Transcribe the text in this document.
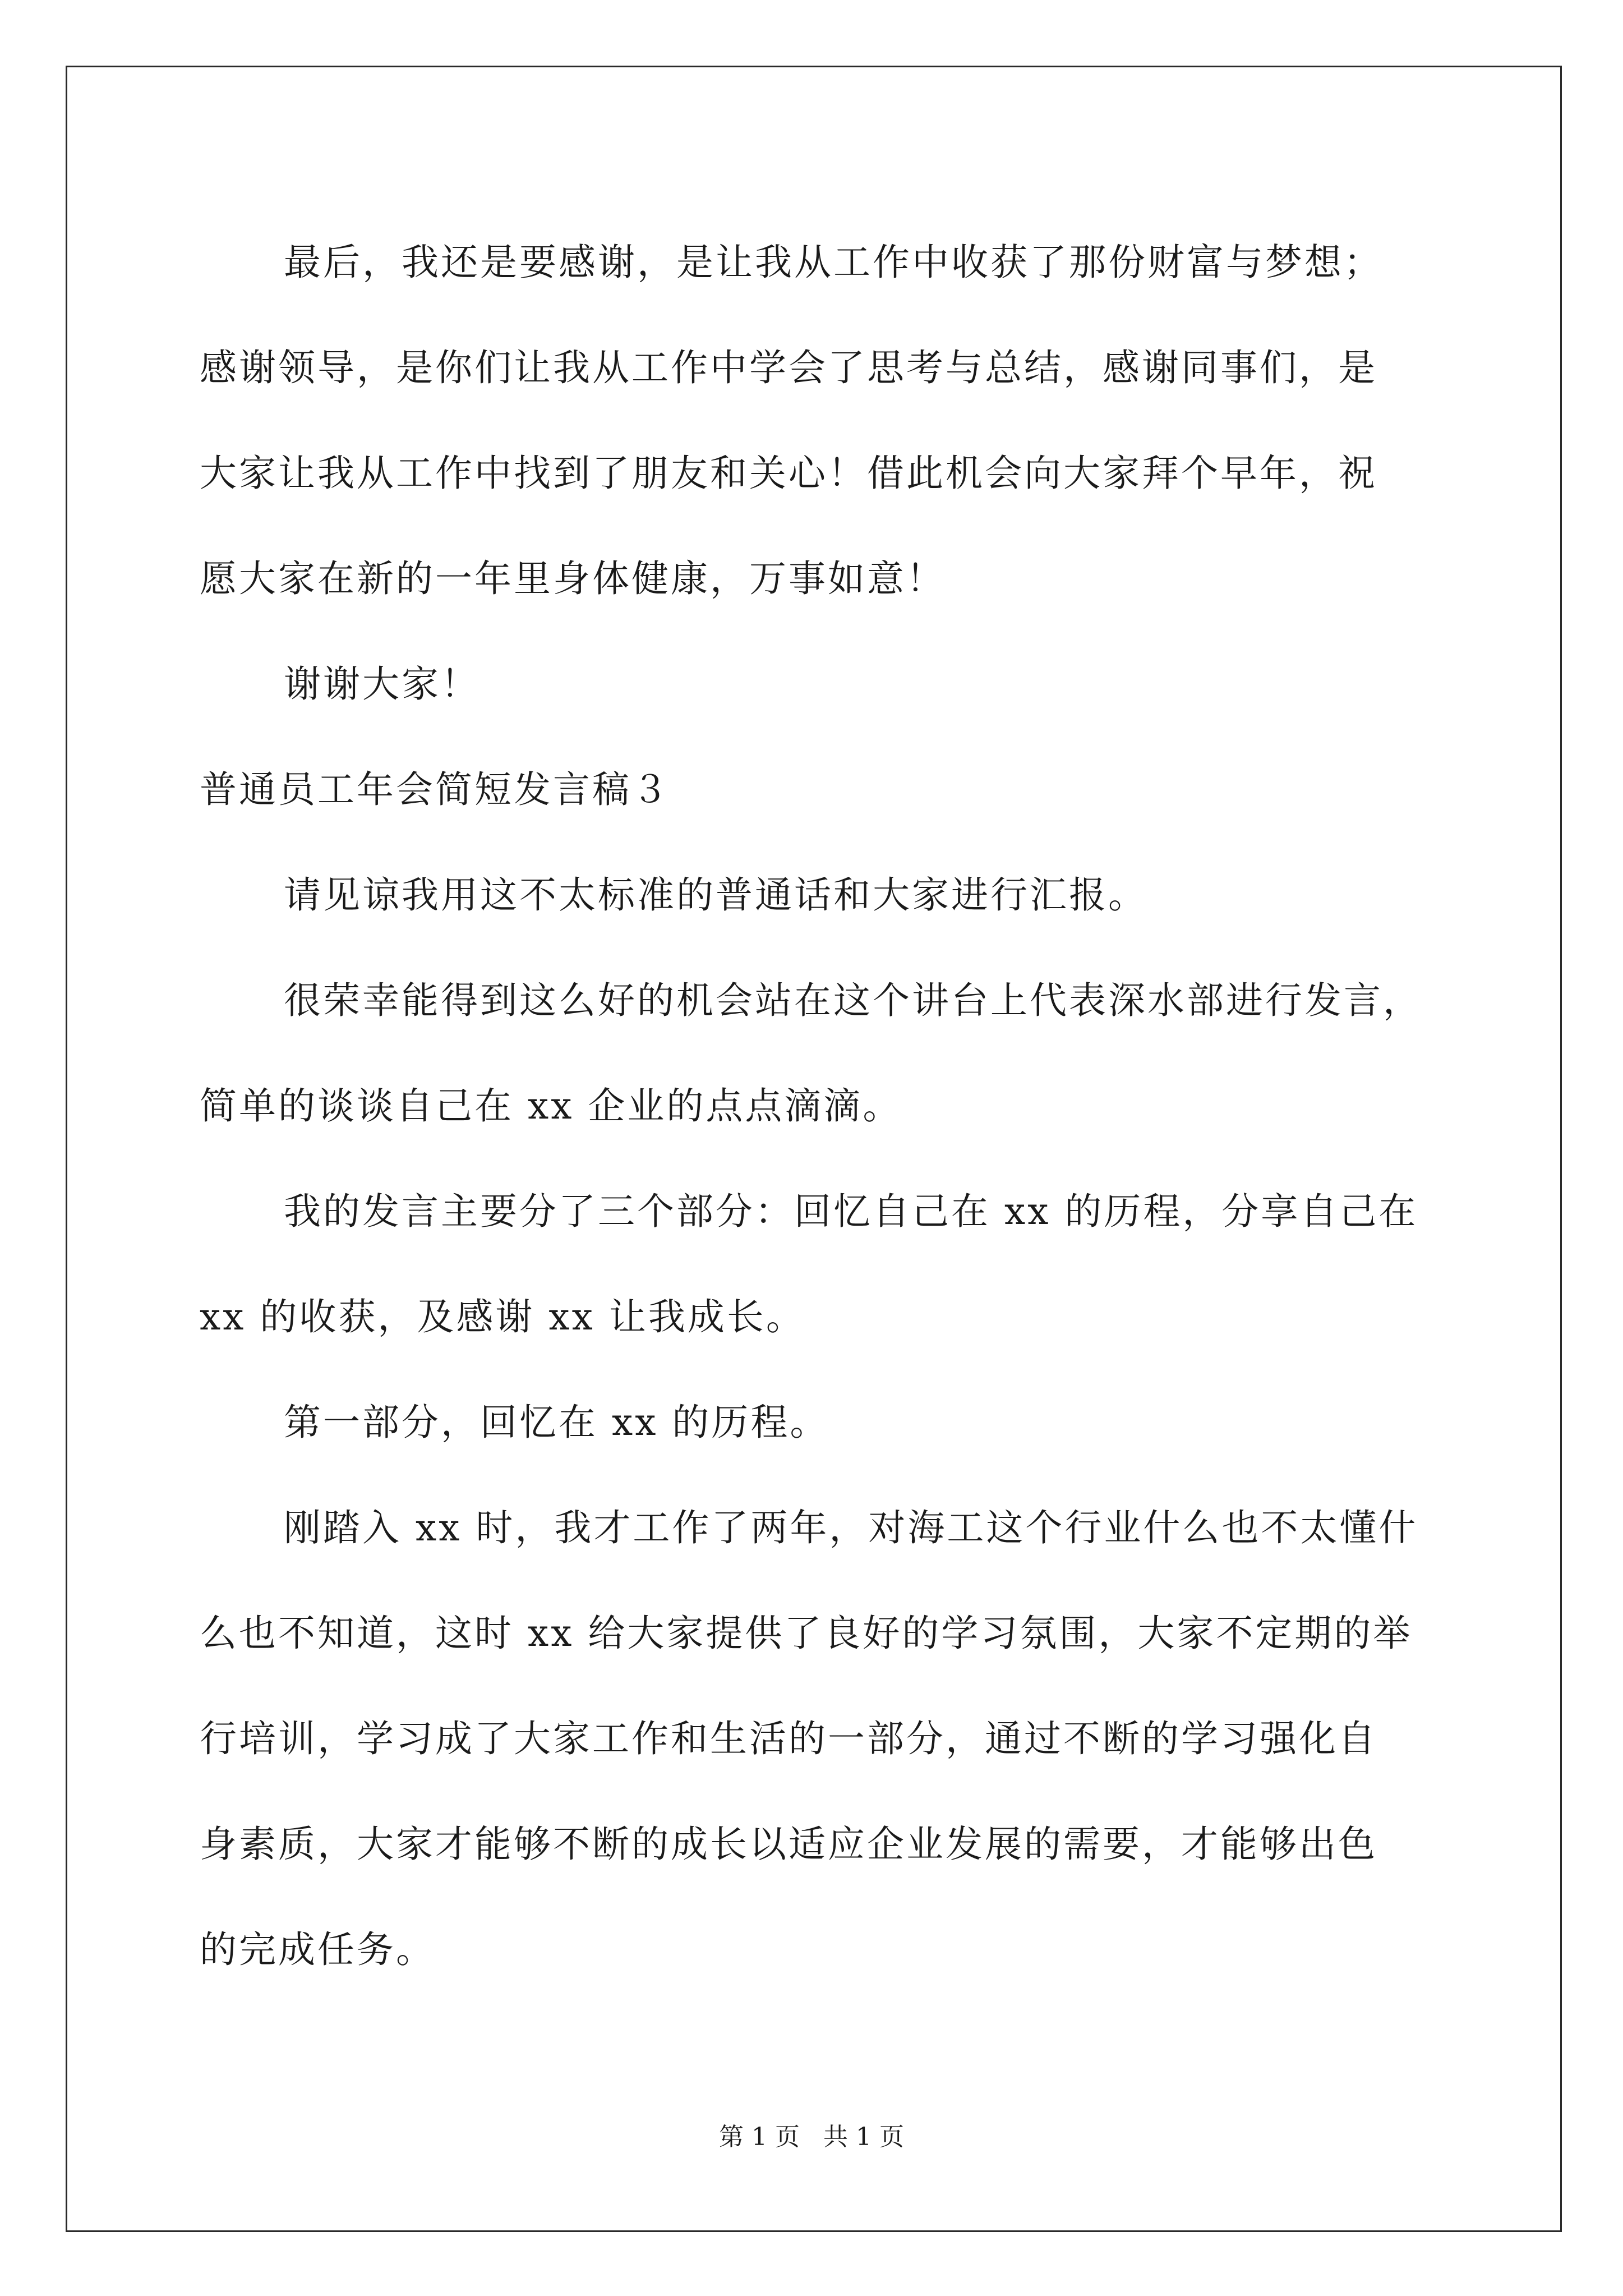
最后，我还是要感谢，是让我从工作中收获了那份财富与梦想；
感谢领导，是你们让我从工作中学会了思考与总结，感谢同事们，是
大家让我从工作中找到了朋友和关心！借此机会向大家拜个早年，祝
愿大家在新的一年里身体健康，万事如意！
谢谢大家！
普通员工年会简短发言稿３
请见谅我用这不太标准的普通话和大家进行汇报。
很荣幸能得到这么好的机会站在这个讲台上代表深水部进行发言，
简单的谈谈自己在 xx 企业的点点滴滴。
我的发言主要分了三个部分：回忆自己在 xx 的历程，分享自己在
xx 的收获，及感谢 xx 让我成长。
第一部分，回忆在 xx 的历程。
刚踏入 xx 时，我才工作了两年，对海工这个行业什么也不太懂什
么也不知道，这时 xx 给大家提供了良好的学习氛围，大家不定期的举
行培训，学习成了大家工作和生活的一部分，通过不断的学习强化自
身素质，大家才能够不断的成长以适应企业发展的需要，才能够出色
的完成任务。
第 1 页   共 1 页
